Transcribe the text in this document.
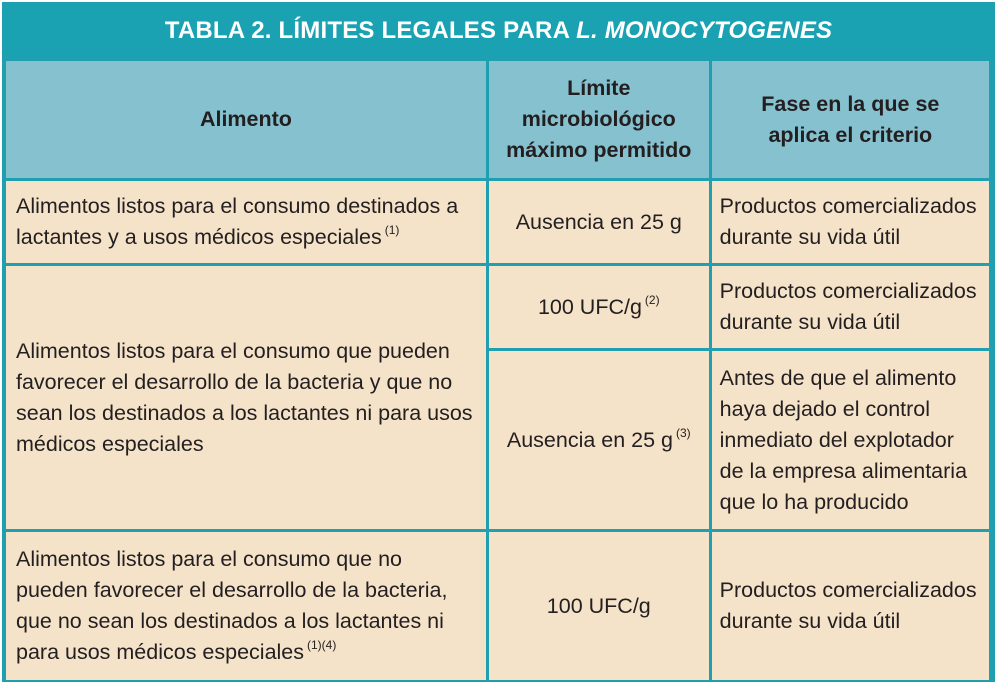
TABLA 2. LÍMITES LEGALES PARA L. MONOCYTOGENES
Alimento	Límite microbiológico máximo permitido	Fase en la que se aplica el criterio
Alimentos listos para el consumo destinados a lactantes y a usos médicos especiales $^{(1)}$	Ausencia en 25 g	Productos comercializados durante su vida útil
Alimentos listos para el consumo que pueden favorecer el desarrollo de la bacteria y que no sean los destinados a los lactantes ni para usos médicos especiales	100 UFC/g $^{(2)}$	Productos comercializados durante su vida útil
	Ausencia en 25 g $^{(3)}$	Antes de que el alimento haya dejado el control inmediato del explotador de la empresa alimentaria que lo ha producido
Alimentos listos para el consumo que no pueden favorecer el desarrollo de la bacteria, que no sean los destinados a los lactantes ni para usos médicos especiales $^{(1)(4)}$	100 UFC/g	Productos comercializados durante su vida útil
